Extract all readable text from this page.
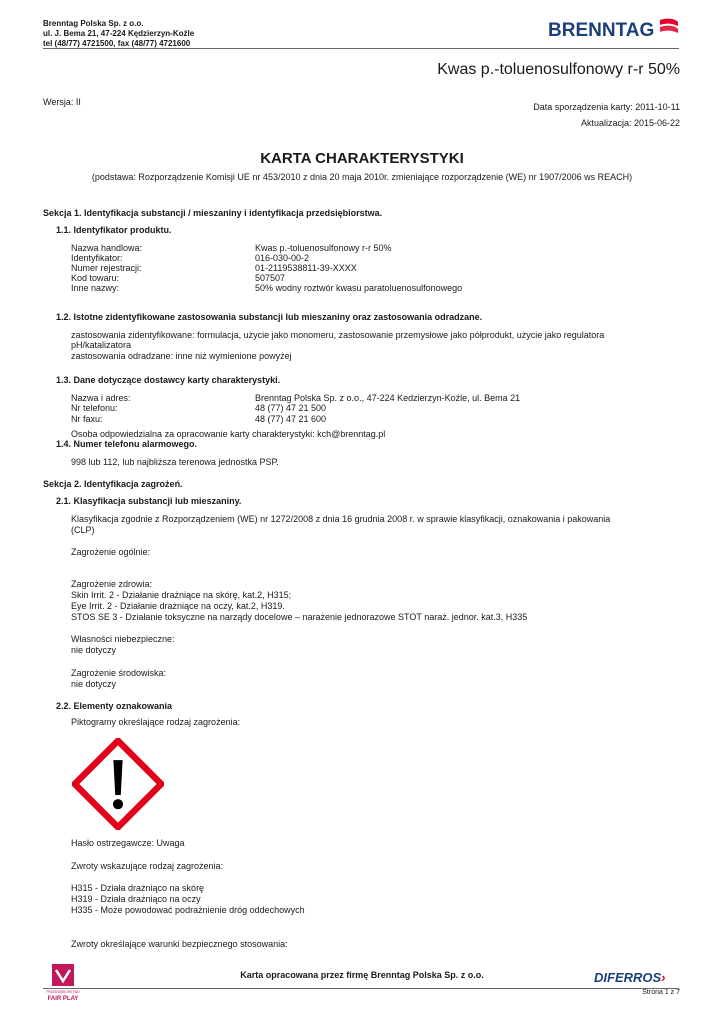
Brenntag Polska Sp. z o.o.
ul. J. Bema 21, 47-224 Kędzierzyn-Koźle
tel (48/77) 4721500, fax (48/77) 4721600
BRENNTAG
Kwas p.-toluenosulfonowy r-r 50%
Wersja: II	Data sporządzenia karty: 2011-10-11
Aktualizacja: 2015-06-22
KARTA CHARAKTERYSTYKI
(podstawa: Rozporządzenie Komisji UE nr 453/2010 z dnia 20 maja 2010r. zmieniające rozporządzenie (WE) nr 1907/2006 ws REACH)
Sekcja 1. Identyfikacja substancji / mieszaniny i identyfikacja przedsiębiorstwa.
1.1. Identyfikator produktu.
Nazwa handlowa:	Kwas p.-toluenosulfonowy r-r 50%
Identyfikator:	016-030-00-2
Numer rejestracji:	01-2119538811-39-XXXX
Kod towaru:	507507
Inne nazwy:	50% wodny roztwór kwasu paratoluenosulfonowego
1.2. Istotne zidentyfikowane zastosowania substancji lub mieszaniny oraz zastosowania odradzane.
zastosowania zidentyfikowane: formulacja, użycie jako monomeru, zastosowanie przemysłowe jako półprodukt, użycie jako regulatora
pH/katalizatora
zastosowania odradzane: inne niż wymienione powyżej
1.3. Dane dotyczące dostawcy karty charakterystyki.
Nazwa i adres:	Brenntag Polska Sp. z o.o., 47-224 Kedzierzyn-Koźle, ul. Bema 21
Nr telefonu:	48 (77) 47 21 500
Nr faxu:	48 (77) 47 21 600
Osoba odpowiedzialna za opracowanie karty charakterystyki: kch@brenntag.pl
1.4. Numer telefonu alarmowego.
998 lub 112, lub najbliższa terenowa jednostka PSP.
Sekcja 2. Identyfikacja zagrożeń.
2.1. Klasyfikacja substancji lub mieszaniny.
Klasyfikacja zgodnie z Rozporządzeniem (WE) nr 1272/2008 z dnia 16 grudnia 2008 r. w sprawie klasyfikacji, oznakowania i pakowania
(CLP)
Zagrożenie ogólnie:
Zagrożenie zdrowia:
Skin Irrit. 2 - Działanie drażniące na skórę, kat.2, H315;
Eye Irrit. 2 - Działanie drażniące na oczy, kat.2, H319.
STOS SE 3 - Działanie toksyczne na narządy docelowe – narażenie jednorazowe STOT naraż. jednor. kat.3, H335
Własności niebezpieczne:
nie dotyczy
Zagrożenie środowiska:
nie dotyczy
2.2. Elementy oznakowania
Piktogramy określające rodzaj zagrożenia:
Hasło ostrzegawcze: Uwaga
Zwroty wskazujące rodzaj zagrożenia:
H315 - Działa drażniąco na skórę
H319 - Działa drażniąco na oczy
H335 - Może powodować podrażnienie dróg oddechowych
Zwroty określające warunki bezpiecznego stosowania:
PRZEDSIĘBIORSTWO
FAIR PLAY
Karta opracowana przez firmę Brenntag Polska Sp. z o.o.	DIFERROS›
Strona 1 z 7
